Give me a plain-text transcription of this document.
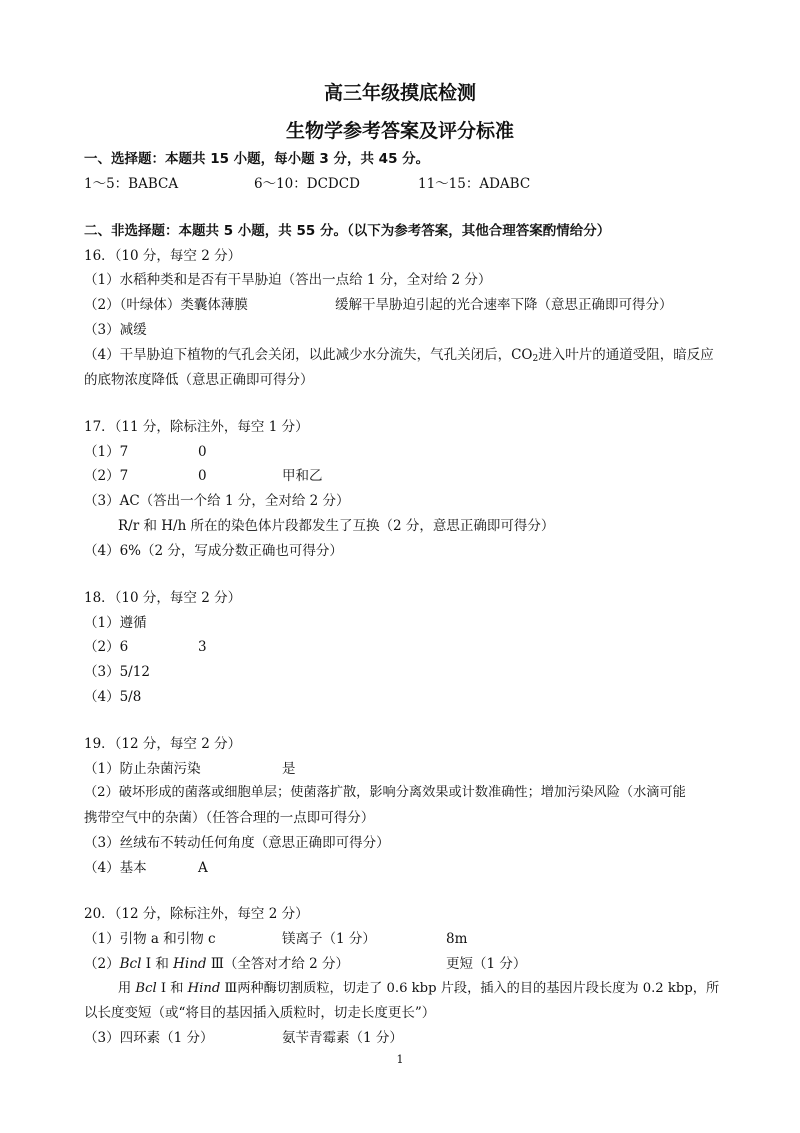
高三年级摸底检测
生物学参考答案及评分标准
一、选择题：本题共 15 小题，每小题 3 分，共 45 分。
1～5：BABCA	6～10：DCDCD	11～15：ADABC
二、非选择题：本题共 5 小题，共 55 分。（以下为参考答案，其他合理答案酌情给分）
16．（10 分，每空 2 分）
（1）水稻种类和是否有干旱胁迫（答出一点给 1 分，全对给 2 分）
（2）（叶绿体）类囊体薄膜	缓解干旱胁迫引起的光合速率下降（意思正确即可得分）
（3）减缓
（4）干旱胁迫下植物的气孔会关闭，以此减少水分流失，气孔关闭后，$CO_2$进入叶片的通道受阻，暗反应
的底物浓度降低（意思正确即可得分）
17．（11 分，除标注外，每空 1 分）
（1）7	0
（2）7	0	甲和乙
（3）AC（答出一个给 1 分，全对给 2 分）
R/r 和 H/h 所在的染色体片段都发生了互换（2 分，意思正确即可得分）
（4）6%（2 分，写成分数正确也可得分）
18．（10 分，每空 2 分）
（1）遵循
（2）6	3
（3）5/12
（4）5/8
19．（12 分，每空 2 分）
（1）防止杂菌污染	是
（2）破坏形成的菌落或细胞单层；使菌落扩散，影响分离效果或计数准确性；增加污染风险（水滴可能
携带空气中的杂菌）（任答合理的一点即可得分）
（3）丝绒布不转动任何角度（意思正确即可得分）
（4）基本	A
20．（12 分，除标注外，每空 2 分）
（1）引物 a 和引物 c	镁离子（1 分）	8m
（2）Bcl Ⅰ 和 Hind Ⅲ（全答对才给 2 分）	更短（1 分）
用 Bcl Ⅰ 和 Hind Ⅲ两种酶切割质粒，切走了 0.6 kbp 片段，插入的目的基因片段长度为 0.2 kbp，所
以长度变短（或“将目的基因插入质粒时，切走长度更长”）
（3）四环素（1 分）	氨苄青霉素（1 分）
1
